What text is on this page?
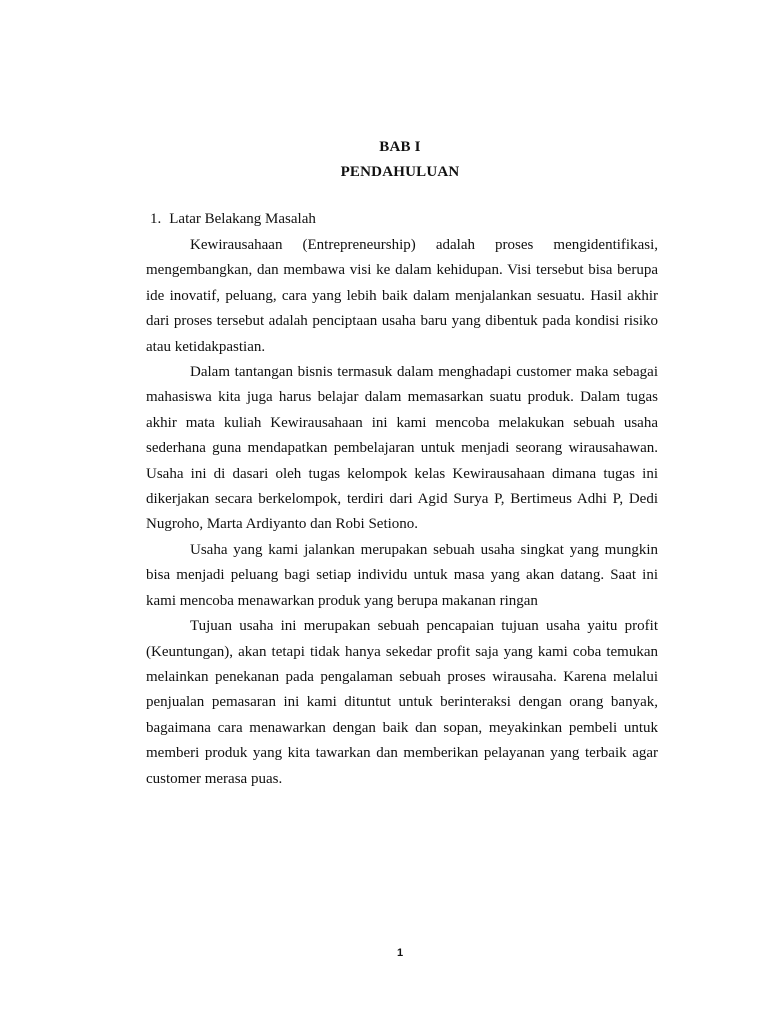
BAB I
PENDAHULUAN
1. Latar Belakang Masalah

Kewirausahaan (Entrepreneurship) adalah proses mengidentifikasi, mengembangkan, dan membawa visi ke dalam kehidupan. Visi tersebut bisa berupa ide inovatif, peluang, cara yang lebih baik dalam menjalankan sesuatu. Hasil akhir dari proses tersebut adalah penciptaan usaha baru yang dibentuk pada kondisi risiko atau ketidakpastian.

Dalam tantangan bisnis termasuk dalam menghadapi customer maka sebagai mahasiswa kita juga harus belajar dalam memasarkan suatu produk. Dalam tugas akhir mata kuliah Kewirausahaan ini kami mencoba melakukan sebuah usaha sederhana guna mendapatkan pembelajaran untuk menjadi seorang wirausahawan. Usaha ini di dasari oleh tugas kelompok kelas Kewirausahaan dimana tugas ini dikerjakan secara berkelompok, terdiri dari Agid Surya P, Bertimeus Adhi P, Dedi Nugroho, Marta Ardiyanto dan Robi Setiono.

Usaha yang kami jalankan merupakan sebuah usaha singkat yang mungkin bisa menjadi peluang bagi setiap individu untuk masa yang akan datang. Saat ini kami mencoba menawarkan produk yang berupa makanan ringan

Tujuan usaha ini merupakan sebuah pencapaian tujuan usaha yaitu profit (Keuntungan), akan tetapi tidak hanya sekedar profit saja yang kami coba temukan melainkan penekanan pada pengalaman sebuah proses wirausaha. Karena melalui penjualan pemasaran ini kami dituntut untuk berinteraksi dengan orang banyak, bagaimana cara menawarkan dengan baik dan sopan, meyakinkan pembeli untuk memberi produk yang kita tawarkan dan memberikan pelayanan yang terbaik agar customer merasa puas.

1
